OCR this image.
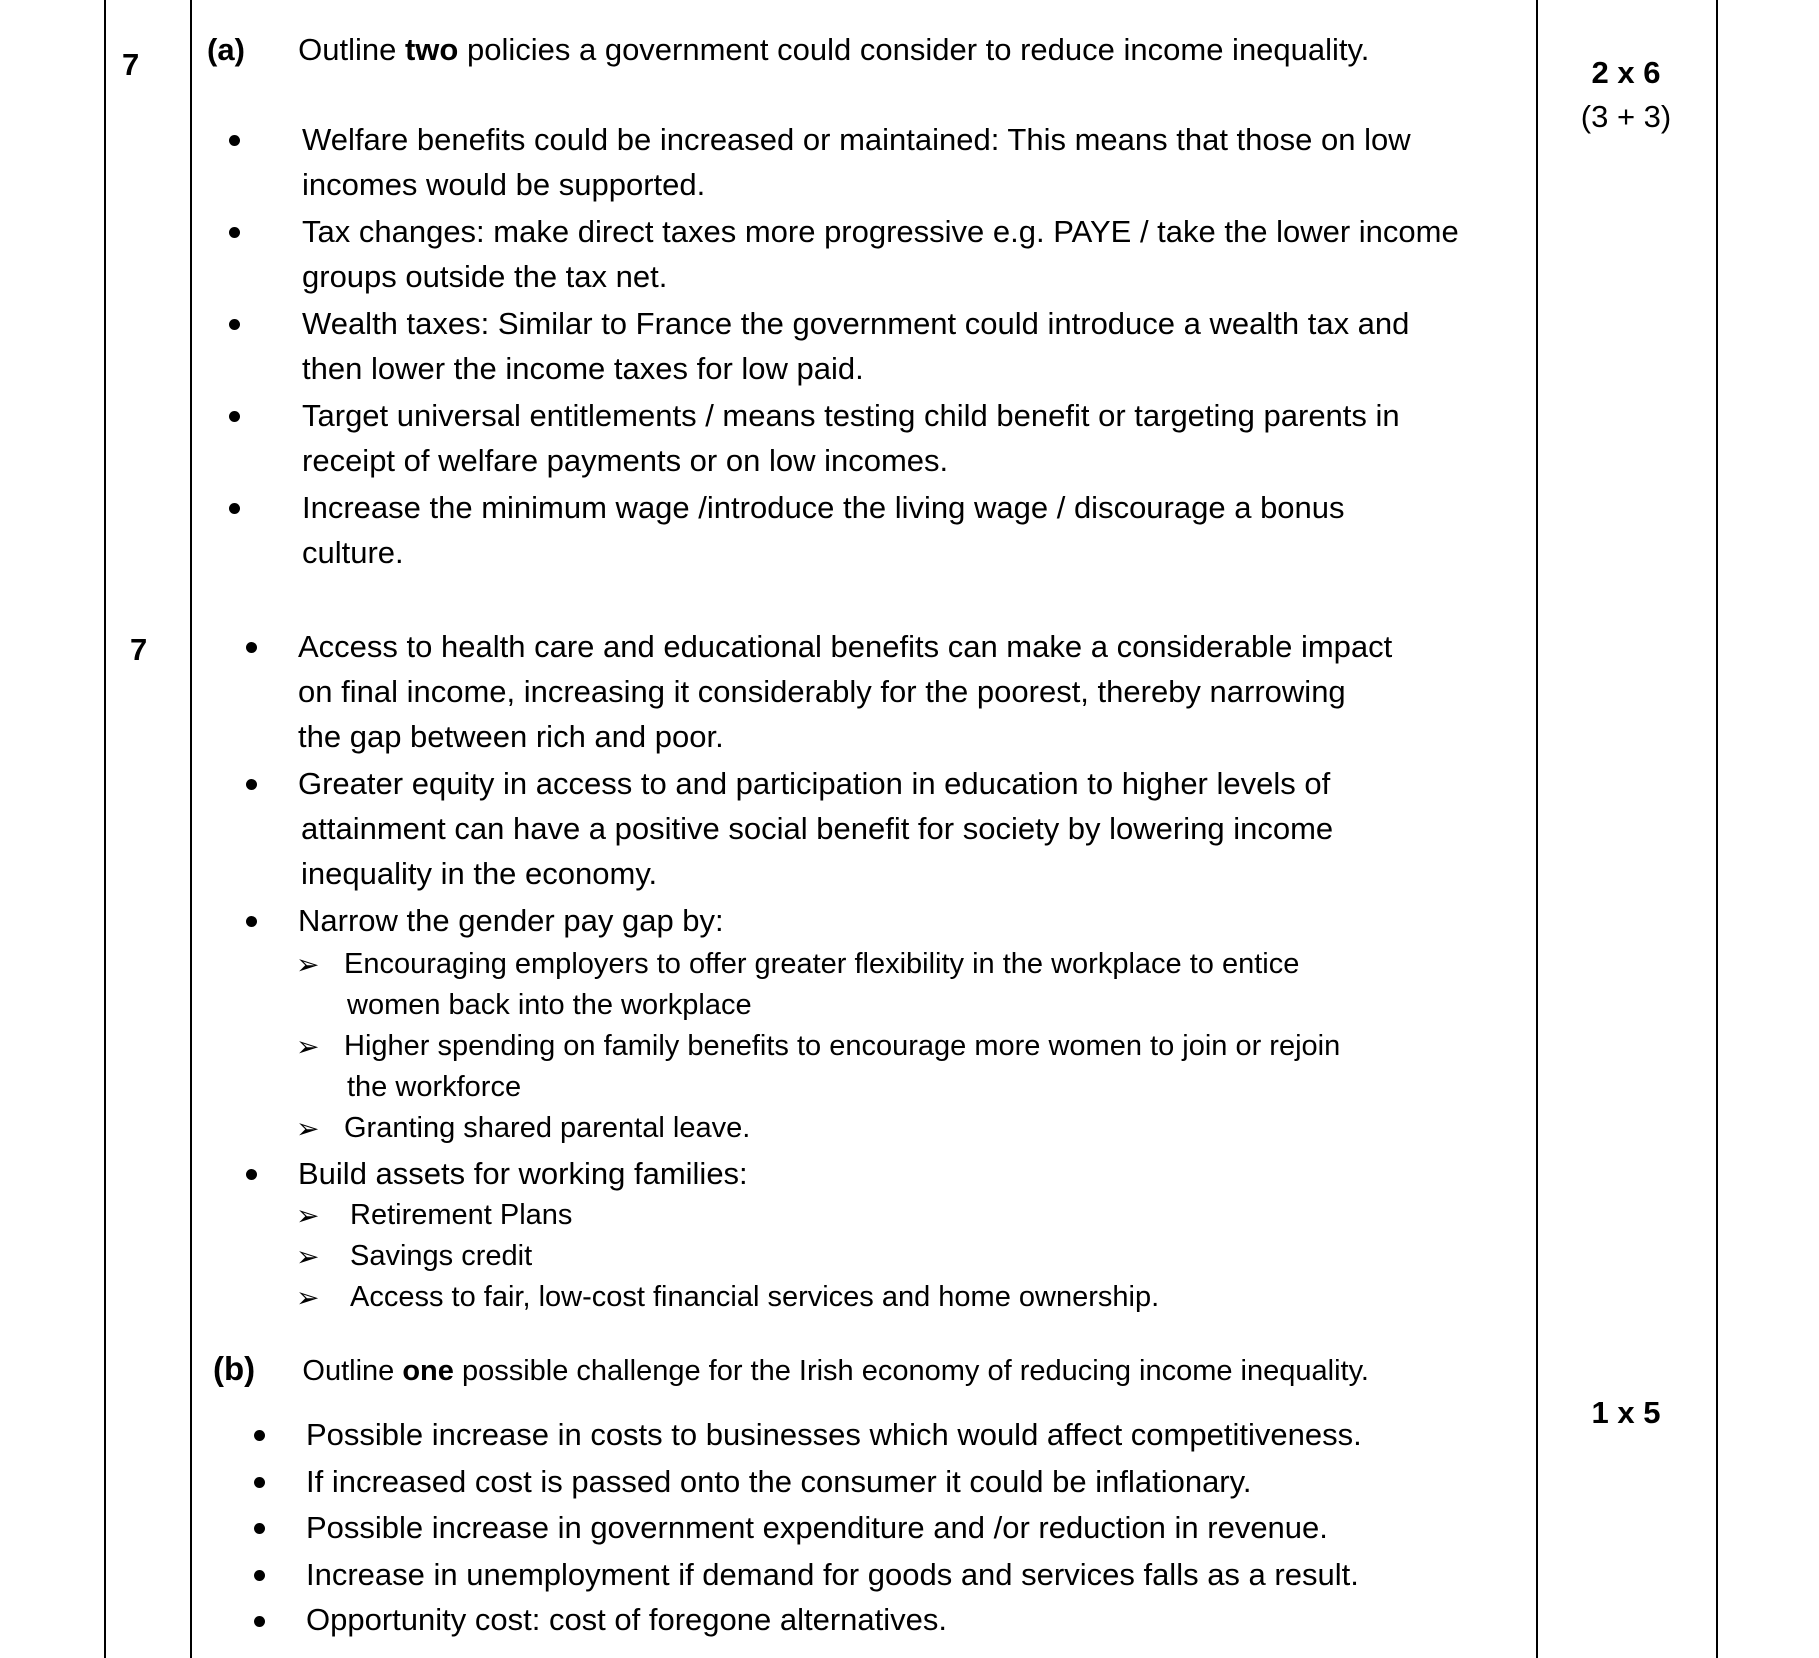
7
7
(a) Outline two policies a government could consider to reduce income inequality.
2 x 6
(3 + 3)
Welfare benefits could be increased or maintained: This means that those on low
incomes would be supported.
Tax changes: make direct taxes more progressive e.g. PAYE / take the lower income
groups outside the tax net.
Wealth taxes: Similar to France the government could introduce a wealth tax and
then lower the income taxes for low paid.
Target universal entitlements / means testing child benefit or targeting parents in
receipt of welfare payments or on low incomes.
Increase the minimum wage /introduce the living wage / discourage a bonus
culture.
Access to health care and educational benefits can make a considerable impact
on final income, increasing it considerably for the poorest, thereby narrowing
the gap between rich and poor.
Greater equity in access to and participation in education to higher levels of
attainment can have a positive social benefit for society by lowering income
inequality in the economy.
Narrow the gender pay gap by:
➢ Encouraging employers to offer greater flexibility in the workplace to entice
women back into the workplace
➢ Higher spending on family benefits to encourage more women to join or rejoin
the workforce
➢ Granting shared parental leave.
Build assets for working families:
➢ Retirement Plans
➢ Savings credit
➢ Access to fair, low-cost financial services and home ownership.
(b) Outline one possible challenge for the Irish economy of reducing income inequality.
1 x 5
Possible increase in costs to businesses which would affect competitiveness.
If increased cost is passed onto the consumer it could be inflationary.
Possible increase in government expenditure and /or reduction in revenue.
Increase in unemployment if demand for goods and services falls as a result.
Opportunity cost: cost of foregone alternatives.
